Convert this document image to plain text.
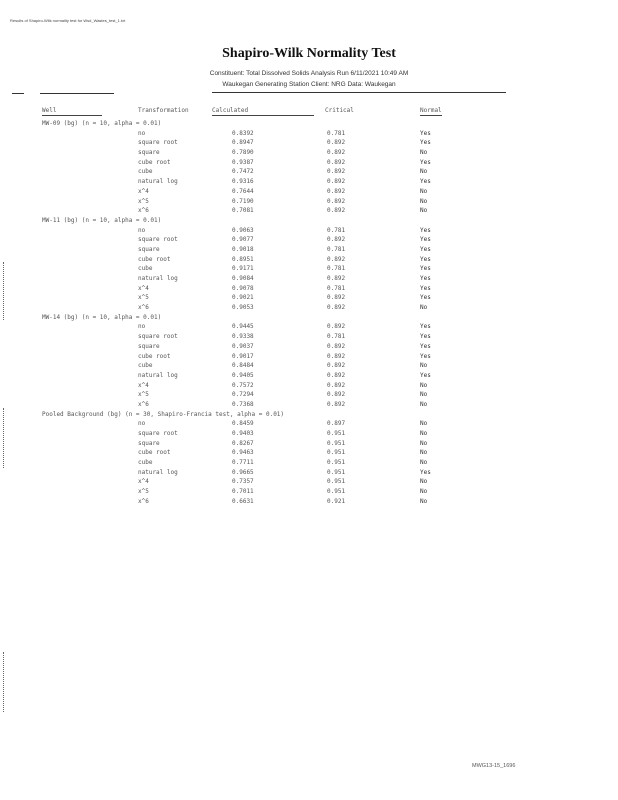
Results of Shapiro-Wilk normality test for Wsd_Wastes_test_1.txt
Shapiro-Wilk Normality Test
Constituent: Total Dissolved Solids Analysis Run 6/11/2021 10:49 AM
Waukegan Generating Station Client: NRG Data: Waukegan
Well	Transformation	Calculated	Critical	Normal
MW-09 (bg) (n = 10, alpha = 0.01)
no	0.8392	0.781	Yes
square root	0.8947	0.892	Yes
square	0.7890	0.892	No
cube root	0.9387	0.892	Yes
cube	0.7472	0.892	No
natural log	0.9316	0.892	Yes
x^4	0.7644	0.892	No
x^5	0.7190	0.892	No
x^6	0.7081	0.892	No
MW-11 (bg) (n = 10, alpha = 0.01)
no	0.9063	0.781	Yes
square root	0.9077	0.892	Yes
square	0.9018	0.781	Yes
cube root	0.8951	0.892	Yes
cube	0.9171	0.781	Yes
natural log	0.9084	0.892	Yes
x^4	0.9078	0.781	Yes
x^5	0.9021	0.892	Yes
x^6	0.9053	0.892	No
MW-14 (bg) (n = 10, alpha = 0.01)
no	0.9445	0.892	Yes
square root	0.9338	0.781	Yes
square	0.9037	0.892	Yes
cube root	0.9017	0.892	Yes
cube	0.8484	0.892	No
natural log	0.9405	0.892	Yes
x^4	0.7572	0.892	No
x^5	0.7294	0.892	No
x^6	0.7368	0.892	No
Pooled Background (bg) (n = 30, Shapiro-Francia test, alpha = 0.01)
no	0.8459	0.897	No
square root	0.9403	0.951	No
square	0.8267	0.951	No
cube root	0.9463	0.951	No
cube	0.7711	0.951	No
natural log	0.9665	0.951	Yes
x^4	0.7357	0.951	No
x^5	0.7011	0.951	No
x^6	0.6631	0.921	No
MWG13-15_1696
